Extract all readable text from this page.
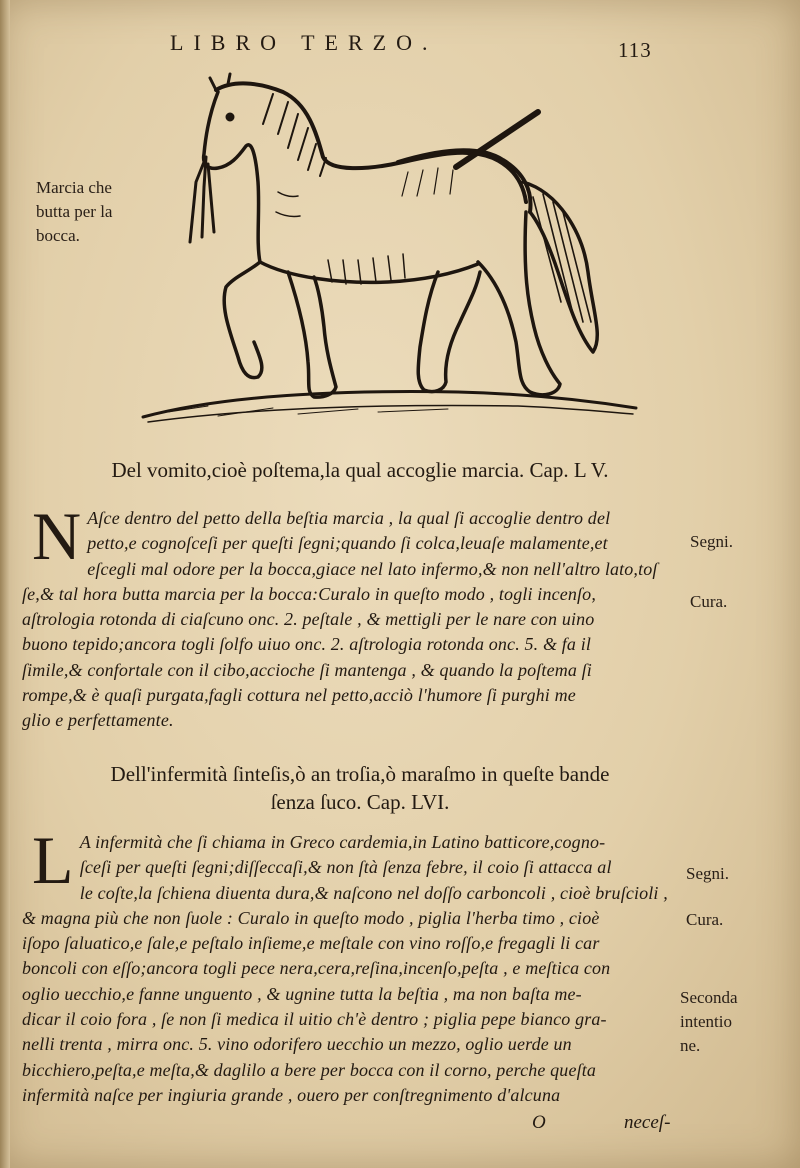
LIBRO TERZO.	113
Marcia che
butta per la
bocca.
Del vomito,cioè poſtema,la qual accoglie marcia. Cap. L V.
N Aſce dentro del petto della beſtia marcia , la qual ſi accoglie dentro del

petto,e cognoſceſi per queſti ſegni;quando ſi colca,leuaſe malamente,et

eſcegli mal odore per la bocca,giace nel lato infermo,& non nell'altro lato,toſ

ſe,& tal hora butta marcia per la bocca:Curalo in queſto modo , togli incenſo,

aſtrologia rotonda di ciaſcuno onc. 2. peſtale , & mettigli per le nare con uino

buono tepido;ancora togli ſolfo uiuo onc. 2. aſtrologia rotonda onc. 5. & fa il

ſimile,& confortale con il cibo,accioche ſi mantenga , & quando la poſtema ſi

rompe,& è quaſi purgata,fagli cottura nel petto,acciò l'humore ſi purghi me

glio e perfettamente.

Segni.
Cura.
Dell'infermità ſinteſis,ò an troſia,ò maraſmo in queſte bande
ſenza ſuco. Cap. LVI.
L A infermità che ſi chiama in Greco cardemia,in Latino batticore,cogno-

ſceſi per queſti ſegni;diſſeccaſi,& non ſtà ſenza febre, il coio ſi attacca al

le coſte,la ſchiena diuenta dura,& naſcono nel doſſo carboncoli , cioè bruſcioli ,

& magna più che non ſuole : Curalo in queſto modo , piglia l'herba timo , cioè

iſopo ſaluatico,e ſale,e peſtalo inſieme,e meſtale con vino roſſo,e fregagli li car

boncoli con eſſo;ancora togli pece nera,cera,reſina,incenſo,peſta , e meſtica con

oglio uecchio,e fanne unguento , & ugnine tutta la beſtia , ma non baſta me-

dicar il coio fora , ſe non ſi medica il uitio ch'è dentro ; piglia pepe bianco gra-

nelli trenta , mirra onc. 5. vino odorifero uecchio un mezzo, oglio uerde un

bicchiero,peſta,e meſta,& daglilo a bere per bocca con il corno, perche queſta

infermità naſce per ingiuria grande , ouero per conſtregnimento d'alcuna

Segni.
Cura.
Seconda
intentio
ne.
O	neceſ-
